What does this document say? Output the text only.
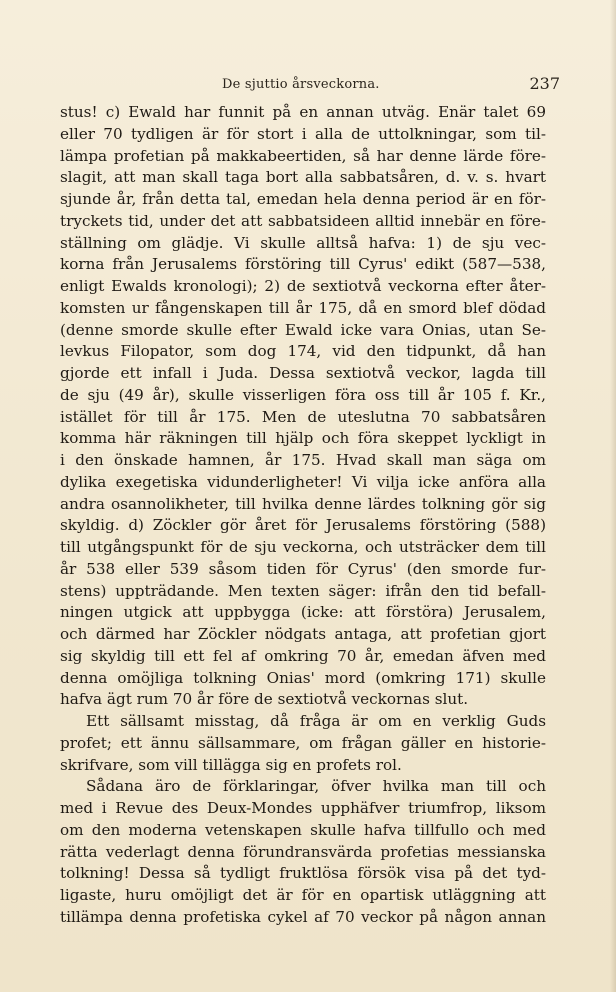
De sjuttio årsveckorna.	237
stus! c) Ewald har funnit på en annan utväg. Enär talet 69
eller 70 tydligen är för stort i alla de uttolkningar, som til-
lämpa profetian på makkabeertiden, så har denne lärde före-
slagit, att man skall taga bort alla sabbatsåren, d. v. s. hvart
sjunde år, från detta tal, emedan hela denna period är en för-
tryckets tid, under det att sabbatsideen alltid innebär en före-
ställning om glädje. Vi skulle alltså hafva: 1) de sju vec-
korna från Jerusalems förstöring till Cyrus' edikt (587—538,
enligt Ewalds kronologi); 2) de sextiotvå veckorna efter åter-
komsten ur fångenskapen till år 175, då en smord blef dödad
(denne smorde skulle efter Ewald icke vara Onias, utan Se-
levkus Filopator, som dog 174, vid den tidpunkt, då han
gjorde ett infall i Juda. Dessa sextiotvå veckor, lagda till
de sju (49 år), skulle visserligen föra oss till år 105 f. Kr.,
istället för till år 175. Men de uteslutna 70 sabbatsåren
komma här räkningen till hjälp och föra skeppet lyckligt in
i den önskade hamnen, år 175. Hvad skall man säga om
dylika exegetiska vidunderligheter! Vi vilja icke anföra alla
andra osannolikheter, till hvilka denne lärdes tolkning gör sig
skyldig. d) Zöckler gör året för Jerusalems förstöring (588)
till utgångspunkt för de sju veckorna, och utsträcker dem till
år 538 eller 539 såsom tiden för Cyrus' (den smorde fur-
stens) uppträdande. Men texten säger: ifrån den tid befall-
ningen utgick att uppbygga (icke: att förstöra) Jerusalem,
och därmed har Zöckler nödgats antaga, att profetian gjort
sig skyldig till ett fel af omkring 70 år, emedan äfven med
denna omöjliga tolkning Onias' mord (omkring 171) skulle
hafva ägt rum 70 år före de sextiotvå veckornas slut.
Ett sällsamt misstag, då fråga är om en verklig Guds
profet; ett ännu sällsammare, om frågan gäller en historie-
skrifvare, som vill tillägga sig en profets rol.
Sådana äro de förklaringar, öfver hvilka man till och
med i Revue des Deux-Mondes upphäfver triumfrop, liksom
om den moderna vetenskapen skulle hafva tillfullo och med
rätta vederlagt denna förundransvärda profetias messianska
tolkning! Dessa så tydligt fruktlösa försök visa på det tyd-
ligaste, huru omöjligt det är för en opartisk utläggning att
tillämpa denna profetiska cykel af 70 veckor på någon annan
